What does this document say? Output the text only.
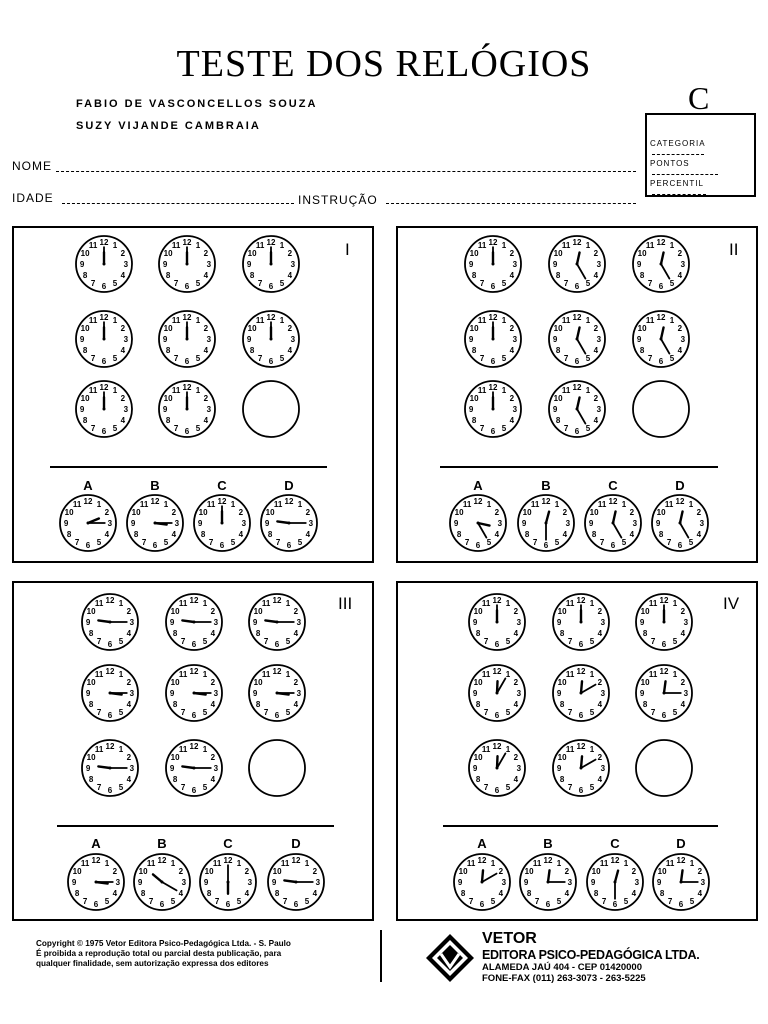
TESTE DOS RELÓGIOS
FABIO DE VASCONCELLOS SOUZA
SUZY VIJANDE CAMBRAIA
C
CATEGORIA
PONTOS
PERCENTIL
NOME
IDADE	INSTRUÇÃO
I	II
III	IV
1
2
3
4
5
6
7
8
9
10
11 12	1
2
3
4
5
6
7
8
9
10
11 12	1
2
3
4
5
6
7
8
9
10
11 12
1
2
3
4
5
6
7
8
9
10
11 12	1
2
3
4
5
6
7
8
9
10
11 12	1
2
3
4
5
6
7
8
9
10
11 12
1
2
3
4
5
6
7
8
9
10
11 12	1
2
3
4
5
6
7
8
9
10
11 12
A
1
2
3
4
5
6
7
8
9
10
11 12
B
1
2
3
4
5
6
7
8
9
10
11 12
C
1
2
3
4
5
6
7
8
9
10
11 12
D
1
2
3
4
5
6
7
8
9
10
11 12
1
2
3
4
5
6
7
8
9
10
11 12	1
2
3
4
5
6
7
8
9
10
11 12	1
2
3
4
5
6
7
8
9
10
11 12
1
2
3
4
5
6
7
8
9
10
11 12	1
2
3
4
5
6
7
8
9
10
11 12	1
2
3
4
5
6
7
8
9
10
11 12
1
2
3
4
5
6
7
8
9
10
11 12	1
2
3
4
5
6
7
8
9
10
11 12
A
1
2
3
4
5
6
7
8
9
10
11 12
B
1
2
3
4
5
6
7
8
9
10
11 12
C
1
2
3
4
5
6
7
8
9
10
11 12
D
1
2
3
4
5
6
7
8
9
10
11 12
1
2
3
4
5
6
7
8
9
10
11 12	1
2
3
4
5
6
7
8
9
10
11 12	1
2
3
4
5
6
7
8
9
10
11 12
1
2
3
4
5
6
7
8
9
10
11 12	1
2
3
4
5
6
7
8
9
10
11 12	1
2
3
4
5
6
7
8
9
10
11 12
1
2
3
4
5
6
7
8
9
10
11 12	1
2
3
4
5
6
7
8
9
10
11 12
A
1
2
3
4
5
6
7
8
9
10
11 12
B
1
2
3
4
5
6
7
8
9
10
11 12
C
1
2
3
4
5
6
7
8
9
10
11 12
D
1
2
3
4
5
6
7
8
9
10
11 12
1
2
3
4
5
6
7
8
9
10
11 12	1
2
3
4
5
6
7
8
9
10
11 12	1
2
3
4
5
6
7
8
9
10
11 12
1
2
3
4
5
6
7
8
9
10
11 12	1
2
3
4
5
6
7
8
9
10
11 12	1
2
3
4
5
6
7
8
9
10
11 12
1
2
3
4
5
6
7
8
9
10
11 12	1
2
3
4
5
6
7
8
9
10
11 12
A
1
2
3
4
5
6
7
8
9
10
11 12
B
1
2
3
4
5
6
7
8
9
10
11 12
C
1
2
3
4
5
6
7
8
9
10
11 12
D
1
2
3
4
5
6
7
8
9
10
11 12
Copyright © 1975 Vetor Editora Psico-Pedagógica Ltda. - S. Paulo
É proibida a reprodução total ou parcial desta publicação, para
qualquer finalidade, sem autorização expressa dos editores
VETOR
EDITORA PSICO-PEDAGÓGICA LTDA.
ALAMEDA JAÚ 404 - CEP 01420000
FONE-FAX (011) 263-3073 - 263-5225
